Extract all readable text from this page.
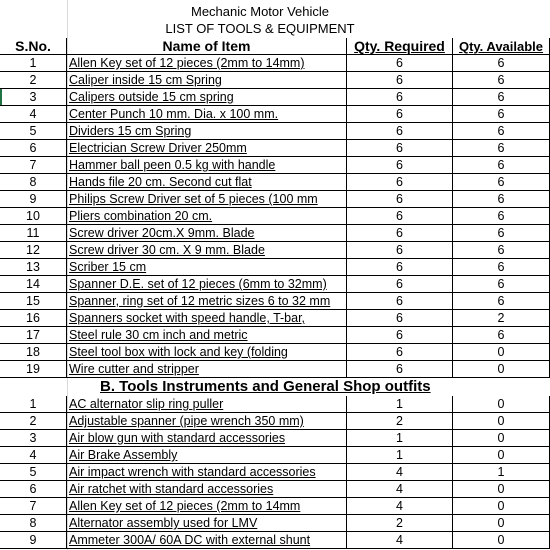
Mechanic Motor Vehicle
LIST OF TOOLS & EQUIPMENT
S.No.	Name of Item	Qty. Required	Qty. Available
1	Allen Key set of 12 pieces (2mm to 14mm)	6	6
2	Caliper inside 15 cm Spring	6	6
3	Calipers outside 15 cm spring	6	6
4	Center Punch 10 mm. Dia. x 100 mm.	6	6
5	Dividers 15 cm Spring	6	6
6	Electrician Screw Driver 250mm	6	6
7	Hammer ball peen 0.5 kg with handle	6	6
8	Hands file 20 cm. Second cut flat	6	6
9	Philips Screw Driver set of 5 pieces (100 mm	6	6
10	Pliers combination 20 cm.	6	6
11	Screw driver 20cm.X 9mm. Blade	6	6
12	Screw driver 30 cm. X 9 mm. Blade	6	6
13	Scriber 15 cm	6	6
14	Spanner D.E. set of 12 pieces (6mm to 32mm)	6	6
15	Spanner, ring set of 12 metric sizes 6 to 32 mm	6	6
16	Spanners socket with speed handle, T-bar,	6	2
17	Steel rule 30 cm inch and metric	6	6
18	Steel tool box with lock and key (folding	6	0
19	Wire cutter and stripper	6	0
B. Tools Instruments and General Shop outfits
1	AC alternator slip ring puller	1	0
2	Adjustable spanner (pipe wrench 350 mm)	2	0
3	Air blow gun with standard accessories	1	0
4	Air Brake Assembly	1	0
5	Air impact wrench with standard accessories	4	1
6	Air ratchet with standard accessories	4	0
7	Allen Key set of 12 pieces (2mm to 14mm	4	0
8	Alternator assembly used for LMV	2	0
9	Ammeter 300A/ 60A DC with external shunt	4	0
